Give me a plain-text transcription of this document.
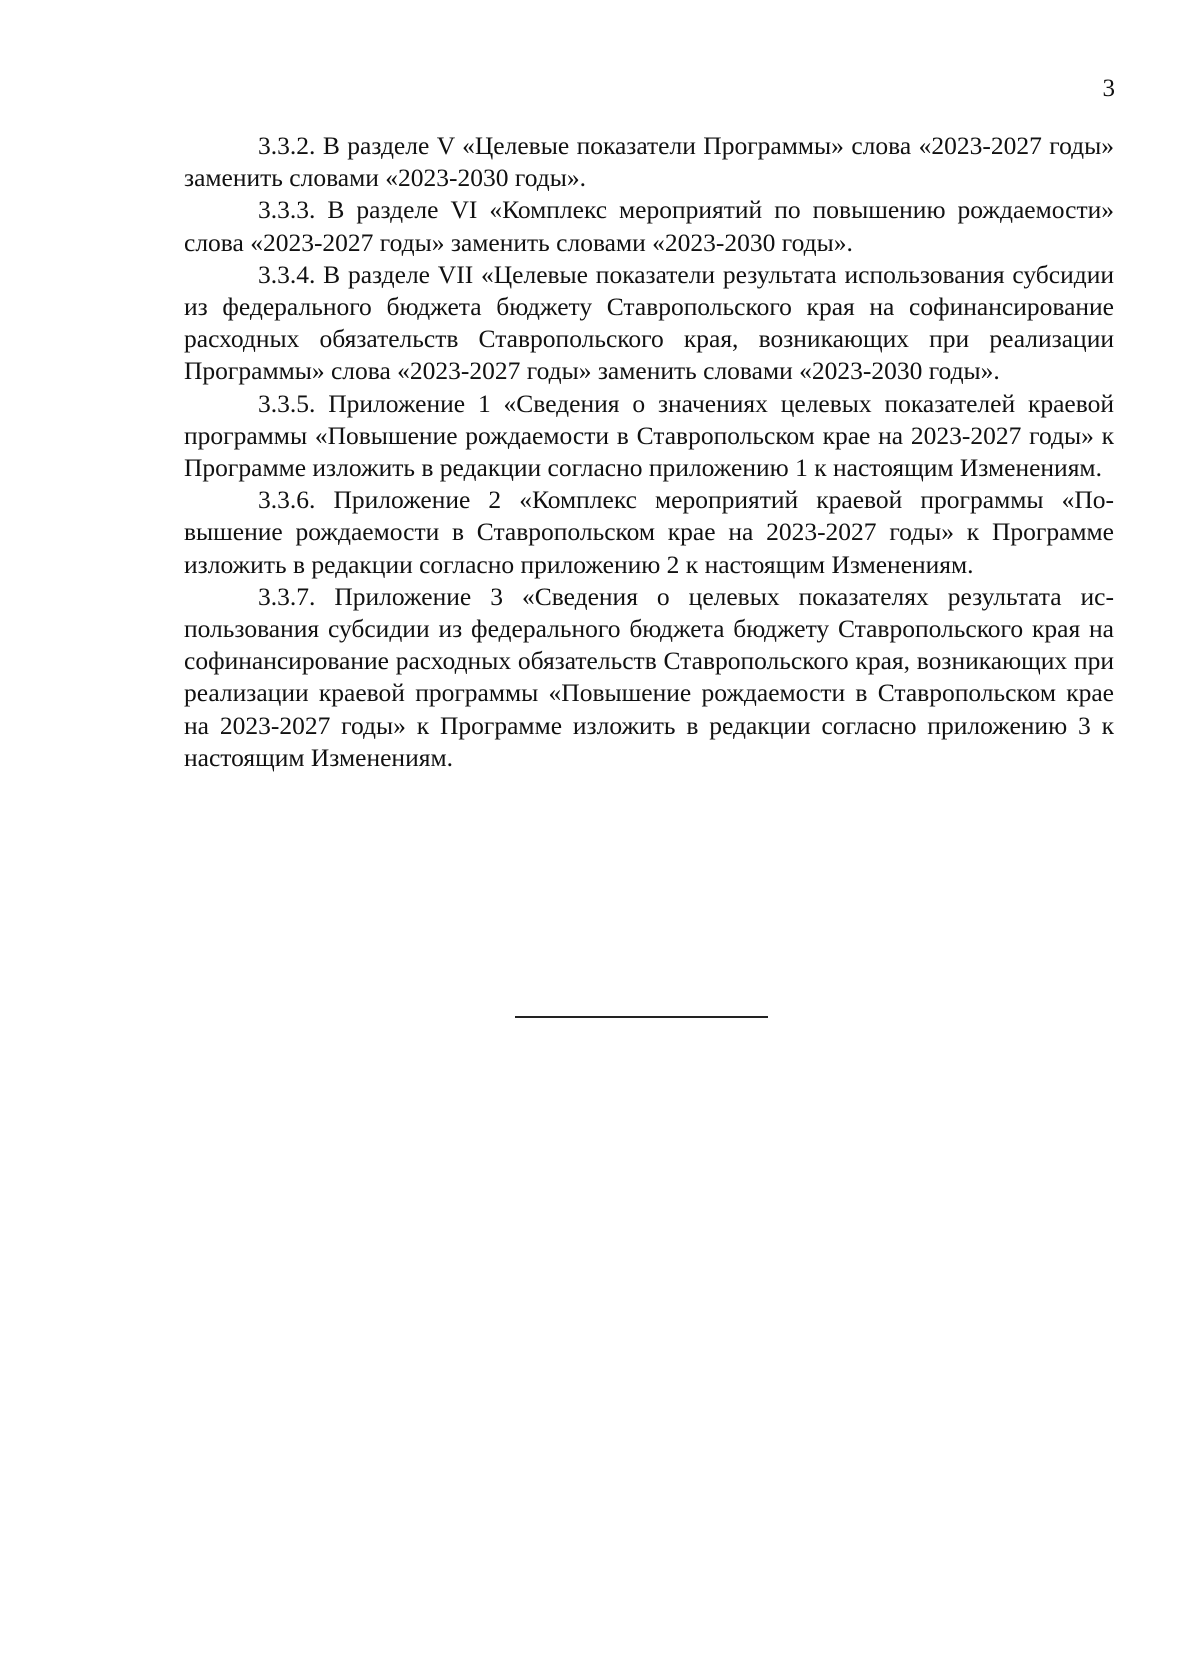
3

3.3.2. В разделе V «Целевые показатели Программы» слова «2023-2027 годы» заменить словами «2023-2030 годы».

3.3.3. В разделе VI «Комплекс мероприятий по повышению рождаемости» слова «2023-2027 годы» заменить словами «2023-2030 годы».

3.3.4. В разделе VII «Целевые показатели результата использования субсидии из федерального бюджета бюджету Ставропольского края на софинансирование расходных обязательств Ставропольского края, возникающих при реализации Программы» слова «2023-2027 годы» заменить словами «2023-2030 годы».

3.3.5. Приложение 1 «Сведения о значениях целевых показателей краевой программы «Повышение рождаемости в Ставропольском крае на 2023-2027 годы» к Программе изложить в редакции согласно приложению 1 к настоящим Изменениям.

3.3.6. Приложение 2 «Комплекс мероприятий краевой программы «Повышение рождаемости в Ставропольском крае на 2023-2027 годы» к Программе изложить в редакции согласно приложению 2 к настоящим Изменениям.

3.3.7. Приложение 3 «Сведения о целевых показателях результата использования субсидии из федерального бюджета бюджету Ставропольского края на софинансирование расходных обязательств Ставропольского края, возникающих при реализации краевой программы «Повышение рождаемости в Ставропольском крае на 2023-2027 годы» к Программе изложить в редакции согласно приложению 3 к настоящим Изменениям.
